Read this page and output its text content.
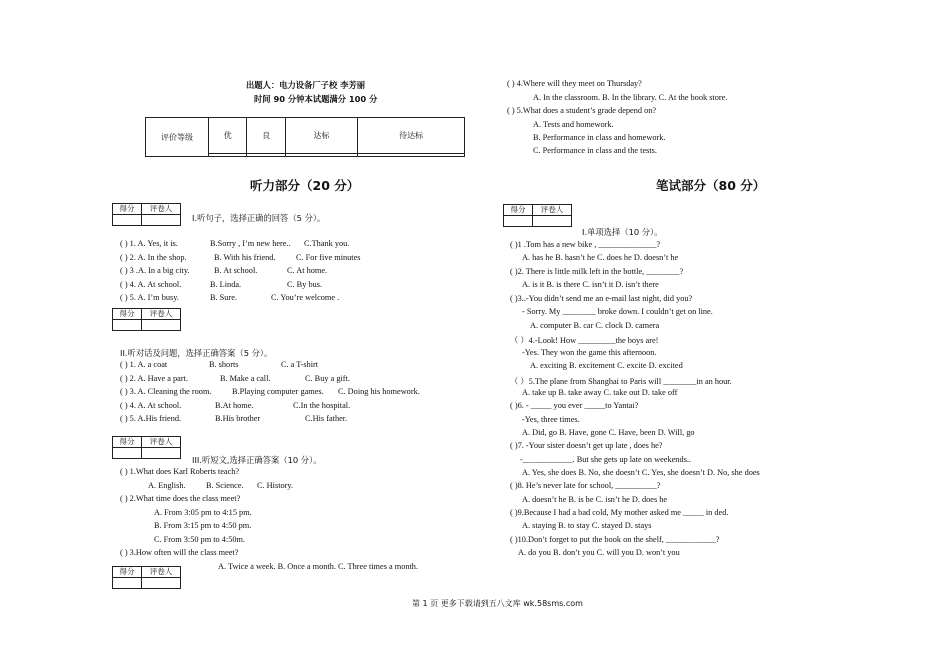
出题人：电力设备厂子校 李芳丽
时间 90 分钟本试题满分 100 分
评价等级	优	良	达标	待达标

听力部分（20 分）
得分	评卷人

I.听句子，选择正确的回答（5 分）。
( ) 1. A. Yes, it is.	B.Sorry , I’m new here.. C.Thank you.
( ) 2. A. In the shop.	B. With his friend. C. For five minutes
( ) 3 .A. In a big city.	B. At school.	C. At home.
( ) 4. A. At school.	B. Linda.	C. By bus.
( ) 5. A. I’m busy.	B. Sure.	C. You’re welcome .
得分	评卷人

II.听对话及问题，选择正确答案（5 分）。
( ) 1. A. a coat	B. shorts	C. a T-shirt
( ) 2. A. Have a part.	B. Make a call.	C. Buy a gift.
( ) 3. A. Cleaning the room. B.Playing computer games. C. Doing his homework.
( ) 4. A. At school.	B.At home.	C.In the hospital.
( ) 5. A.His friend.	B.His brother	C.His father.
得分	评卷人

III.听短文,选择正确答案（10 分）。
( ) 1.What does Karl Roberts teach?
A. English. B. Science. C. History.
( ) 2.What time does the class meet?
A. From 3:05 pm to 4:15 pm.
B. From 3:15 pm to 4:50 pm.
C. From 3:50 pm to 4:50m.
( ) 3.How often will the class meet?
A. Twice a week. B. Once a month. C. Three times a month.
得分	评卷人

( ) 4.Where will they meet on Thursday?
A. In the classroom. B. In the library. C. At the book store.
( ) 5.What does a student’s grade depend on?
A. Tests and homework.
B. Performance in class and homework.
C. Performance in class and the tests.
笔试部分（80 分）
得分	评卷人

I.单项选择（10 分）。
( )1 .Tom has a new bike , ______________?
A. has he B. hasn’t he C. does he D. doesn’t he
( )2. There is little milk left in the bottle, ________?
A. is it B. is there C. isn’t it D. isn’t there
( )3..-You didn’t send me an e-mail last night, did you?
- Sorry. My ________ broke down. I couldn’t get on line.
A. computer B. car C. clock D. camera
（ ）4.-Look! How _________the boys are!
-Yes. They won the game this afternoon.
A. exciting B. excitement C. excite D. excited
（ ）5.The plane from Shanghai to Paris will ________in an hour.
A. take up B. take away C. take out D. take off
( )6. - _____ you ever _____to Yantai?
-Yes, three times.
A. Did, go B. Have, gone C. Have, been D. Will, go
( )7. -Your sister doesn’t get up late , does he?
-____________. But she gets up late on weekends..
A. Yes, she does B. No, she doesn’t C. Yes, she doesn’t D. No, she does
( )8. He’s never late for school, __________?
A. doesn’t he B. is he C. isn’t he D. does he
( )9.Because I had a bad cold, My mother asked me _____ in ded.
A. staying B. to stay C. stayed D. stays
( )10.Don’t forget to put the book on the shelf, ____________?
A. do you B. don’t you C. will you D. won’t you
第 1 页 更多下载请到五八文库 wk.58sms.com
